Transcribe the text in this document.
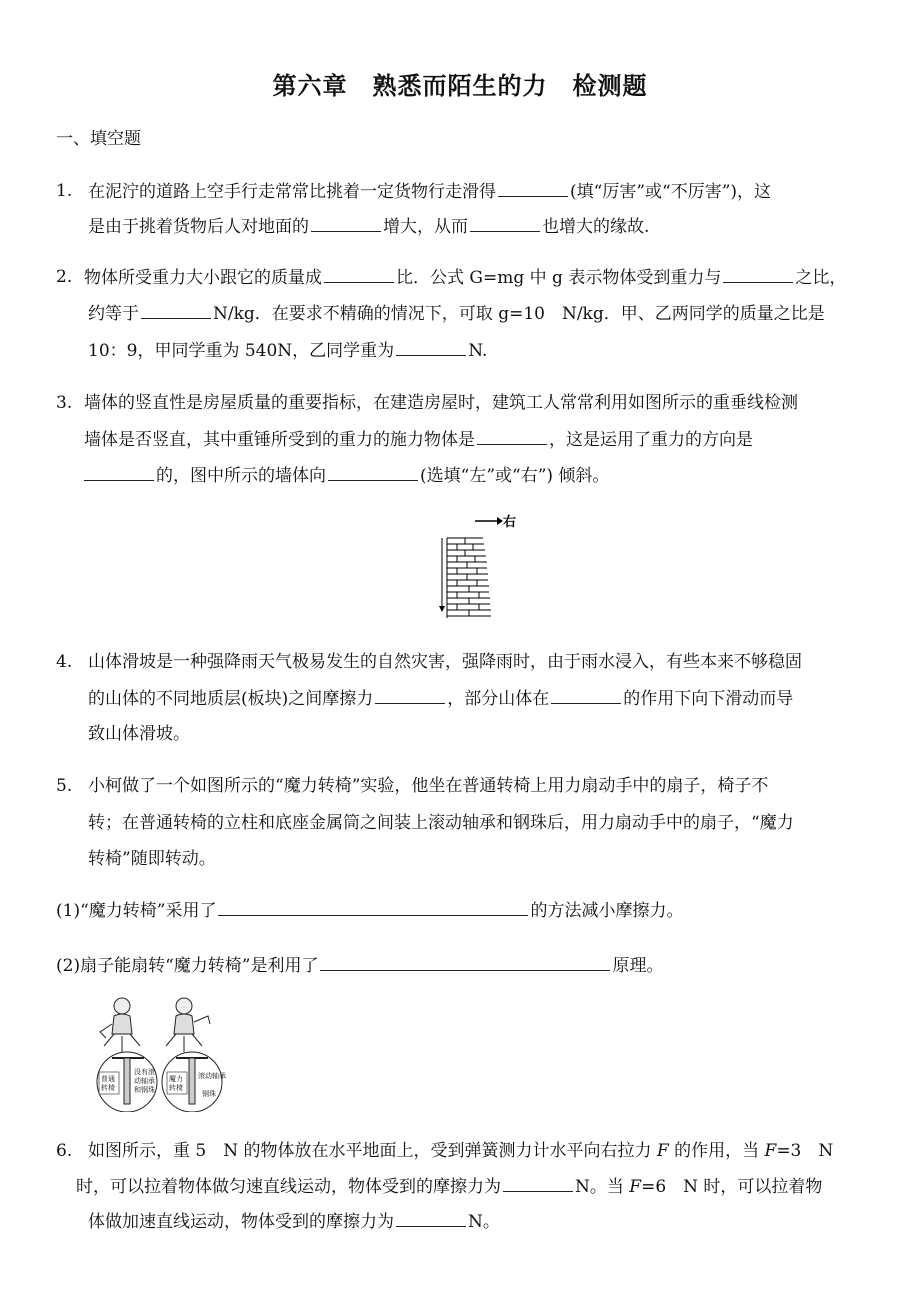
第六章　熟悉而陌生的力　检测题
一、填空题
1. 在泥泞的道路上空手行走常常比挑着一定货物行走滑得	(填“厉害”或“不厉害”)，这
是由于挑着货物后人对地面的	增大，从而	也增大的缘故.
2. 物体所受重力大小跟它的质量成	比．公式 G=mg 中 g 表示物体受到重力与	之比，
约等于	N/kg．在要求不精确的情况下，可取 g=10　N/kg．甲、乙两同学的质量之比是
10：9，甲同学重为 540N，乙同学重为	N.
3. 墙体的竖直性是房屋质量的重要指标，在建造房屋时，建筑工人常常利用如图所示的重垂线检测
墙体是否竖直，其中重锤所受到的重力的施力物体是	，这是运用了重力的方向是
的，图中所示的墙体向	(选填“左”或“右”) 倾斜。
右
4. 山体滑坡是一种强降雨天气极易发生的自然灾害，强降雨时，由于雨水浸入，有些本来不够稳固
的山体的不同地质层(板块)之间摩擦力	，部分山体在	的作用下向下滑动而导
致山体滑坡。
5. 小柯做了一个如图所示的“魔力转椅”实验，他坐在普通转椅上用力扇动手中的扇子，椅子不
转；在普通转椅的立柱和底座金属筒之间装上滚动轴承和钢珠后，用力扇动手中的扇子，“魔力
转椅”随即转动。
(1)“魔力转椅”采用了	的方法减小摩擦力。
(2)扇子能扇转“魔力转椅”是利用了	原理。
普通
转椅
没有滚
动轴承
和钢珠
魔力
转椅
滚动轴承
钢珠
6. 如图所示，重 5　N 的物体放在水平地面上，受到弹簧测力计水平向右拉力 F 的作用，当 F=3　N
时，可以拉着物体做匀速直线运动，物体受到的摩擦力为	N。当 F=6　N 时，可以拉着物
体做加速直线运动，物体受到的摩擦力为	N。
